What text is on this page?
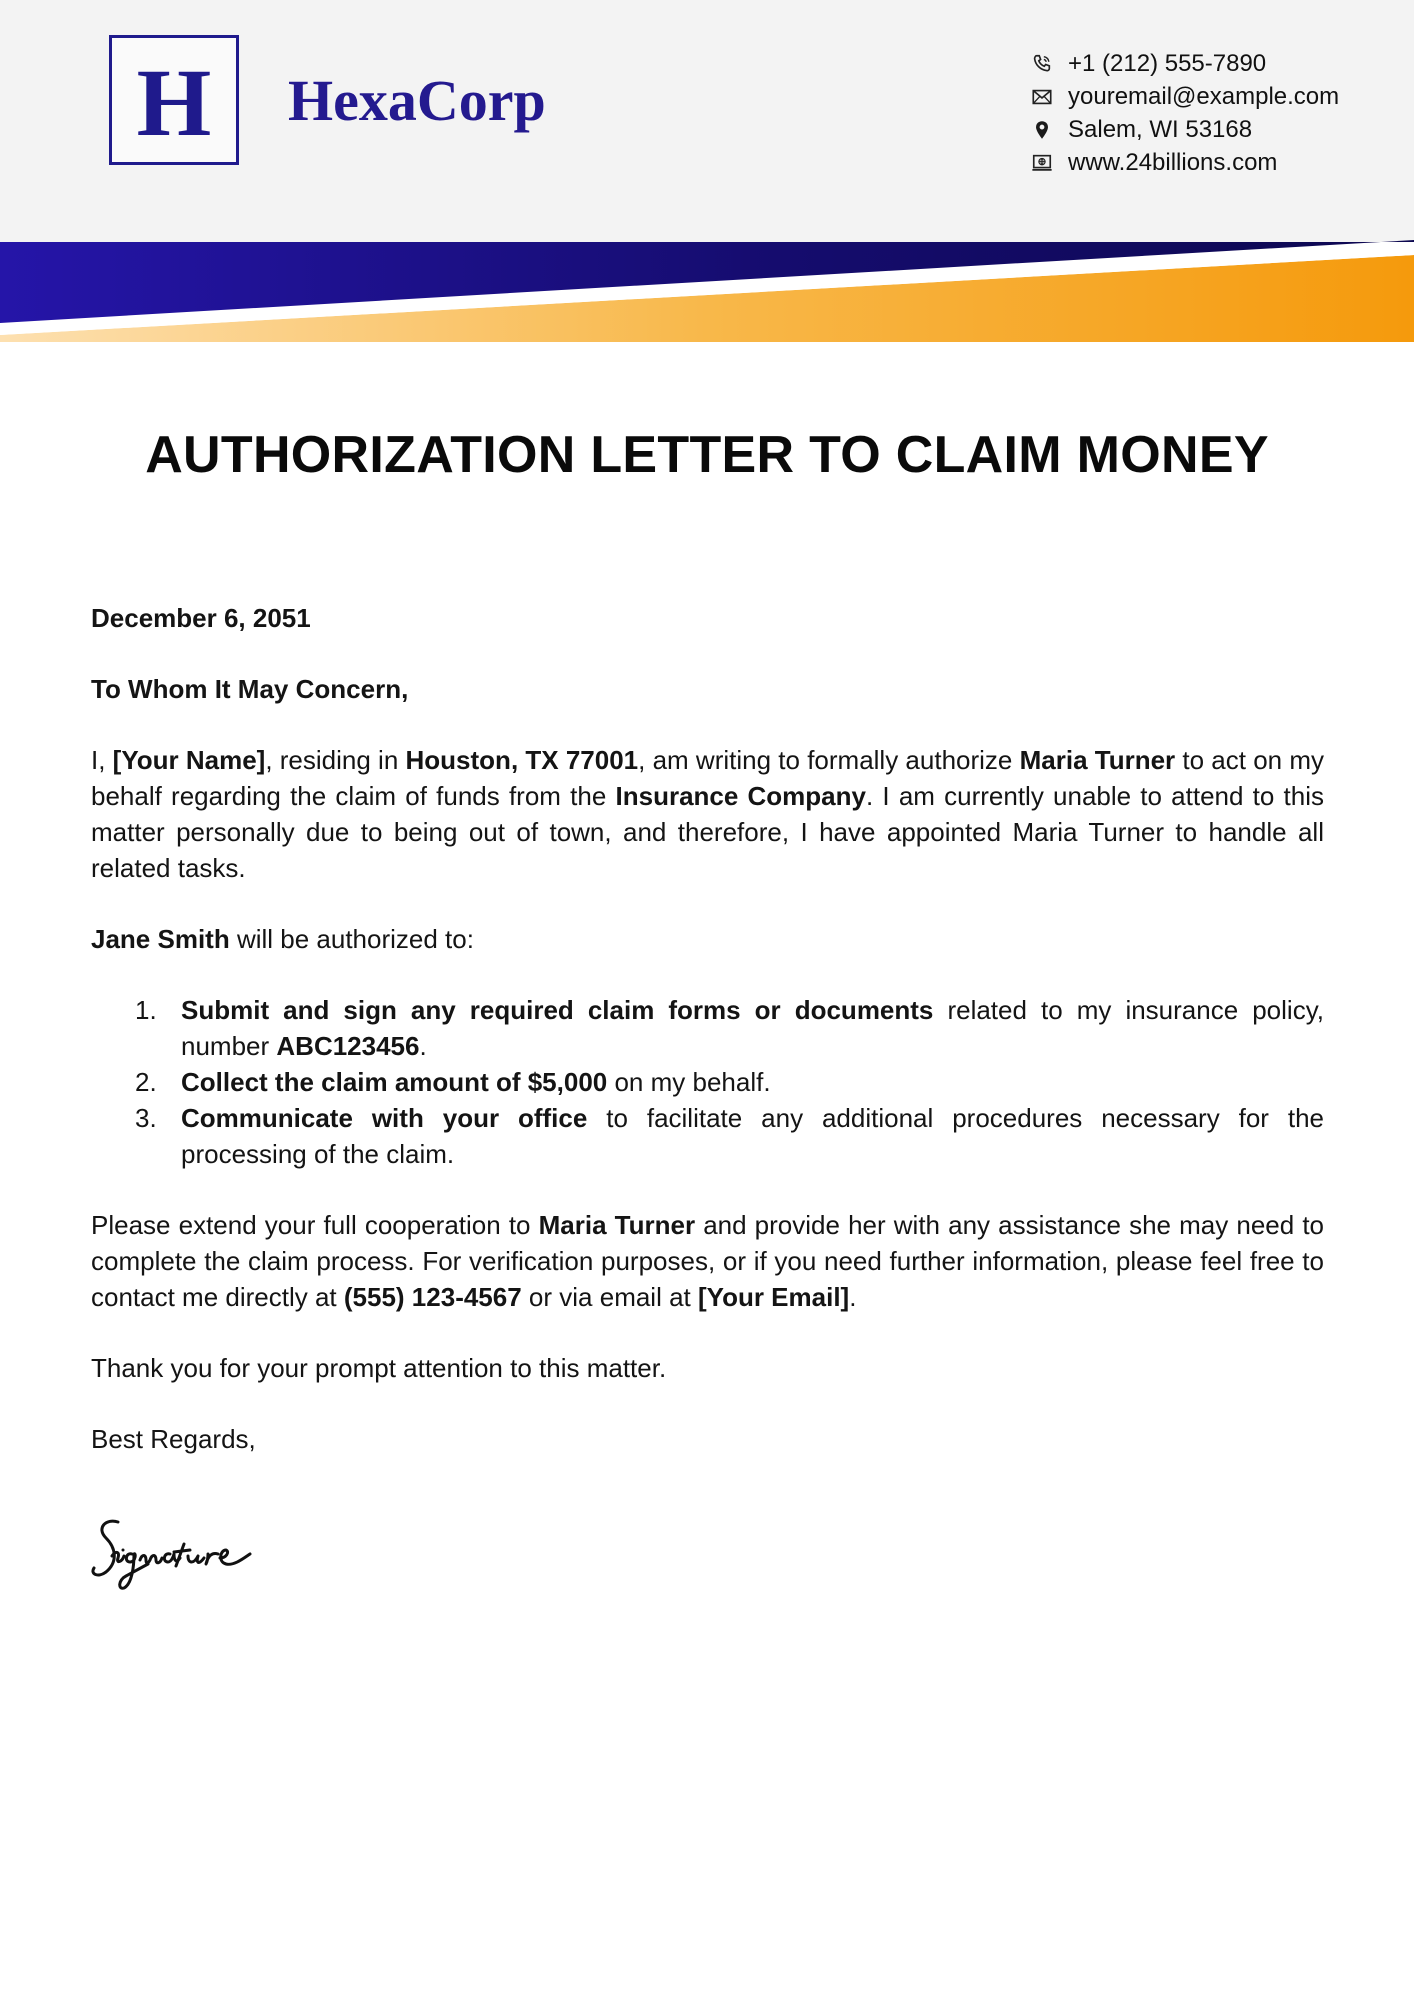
H HexaCorp
+1 (212) 555-7890
youremail@example.com
Salem, WI 53168
www.24billions.com
AUTHORIZATION LETTER TO CLAIM MONEY

December 6, 2051

To Whom It May Concern,

I, [Your Name], residing in Houston, TX 77001, am writing to formally authorize Maria Turner to act on my behalf regarding the claim of funds from the Insurance Company. I am currently unable to attend to this matter personally due to being out of town, and therefore, I have appointed Maria Turner to handle all related tasks.

Jane Smith will be authorized to:

1. Submit and sign any required claim forms or documents related to my insurance policy, number ABC123456.
2. Collect the claim amount of $5,000 on my behalf.
3. Communicate with your office to facilitate any additional procedures necessary for the processing of the claim.

Please extend your full cooperation to Maria Turner and provide her with any assistance she may need to complete the claim process. For verification purposes, or if you need further information, please feel free to contact me directly at (555) 123-4567 or via email at [Your Email].

Thank you for your prompt attention to this matter.

Best Regards,
